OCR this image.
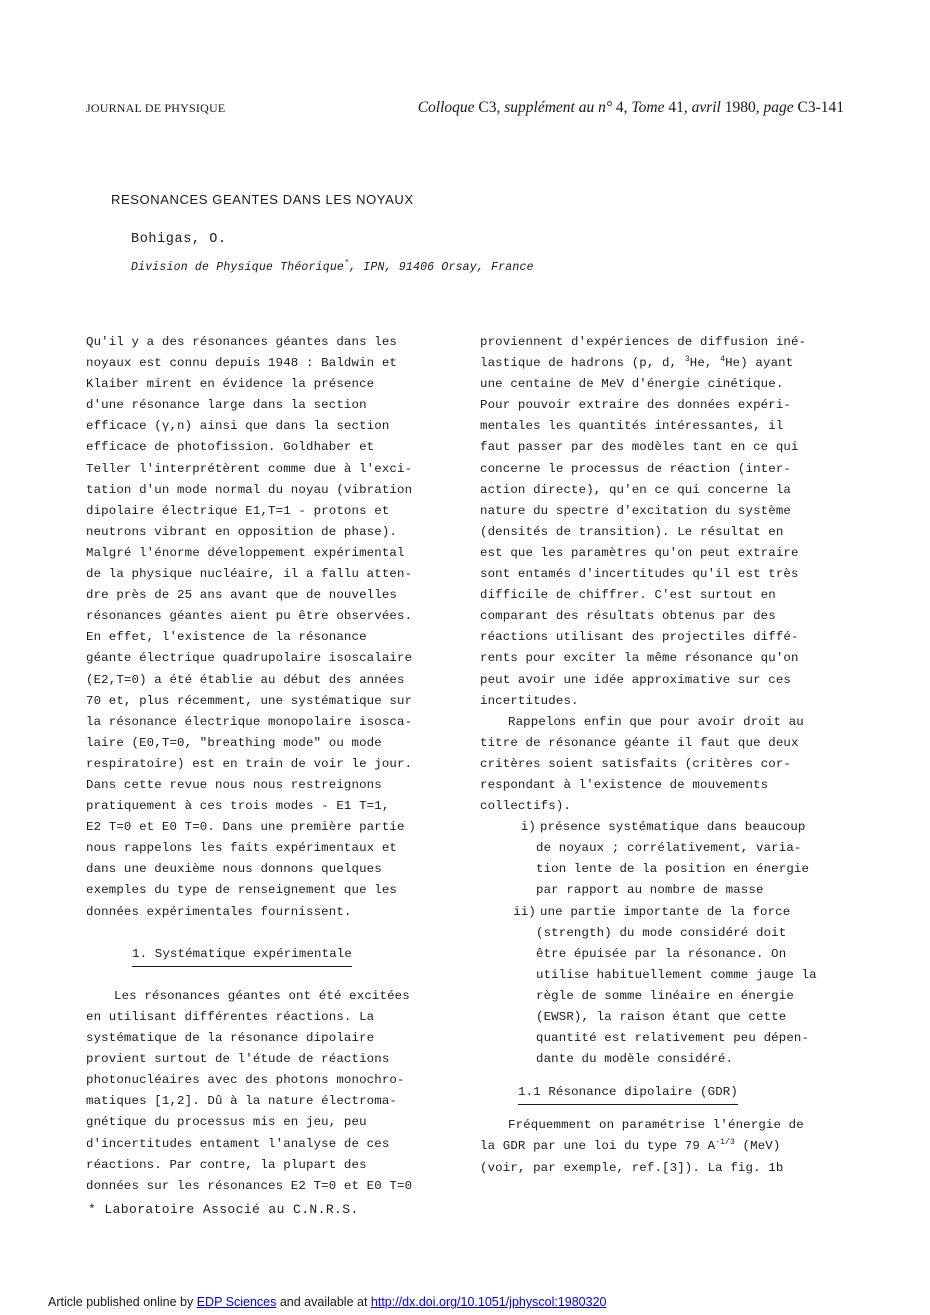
JOURNAL DE PHYSIQUE	Colloque C3, supplément au n° 4, Tome 41, avril 1980, page C3-141
RESONANCES GEANTES DANS LES NOYAUX
Bohigas, O.
Division de Physique Théorique*, IPN, 91406 Orsay, France
Qu'il y a des résonances géantes dans les
noyaux est connu depuis 1948 : Baldwin et
Klaiber mirent en évidence la présence
d'une résonance large dans la section
efficace (γ,n) ainsi que dans la section
efficace de photofission. Goldhaber et
Teller l'interprétèrent comme due à l'exci-
tation d'un mode normal du noyau (vibration
dipolaire électrique E1,T=1 - protons et
neutrons vibrant en opposition de phase).
Malgré l'énorme développement expérimental
de la physique nucléaire, il a fallu atten-
dre près de 25 ans avant que de nouvelles
résonances géantes aient pu être observées.
En effet, l'existence de la résonance
géante électrique quadrupolaire isoscalaire
(E2,T=0) a été établie au début des années
70 et, plus récemment, une systématique sur
la résonance électrique monopolaire isosca-
laire (E0,T=0, "breathing mode" ou mode
respiratoire) est en train de voir le jour.
Dans cette revue nous nous restreignons
pratiquement à ces trois modes - E1 T=1,
E2 T=0 et E0 T=0. Dans une première partie
nous rappelons les faits expérimentaux et
dans une deuxième nous donnons quelques
exemples du type de renseignement que les
données expérimentales fournissent.
1. Systématique expérimentale
Les résonances géantes ont été excitées
en utilisant différentes réactions. La
systématique de la résonance dipolaire
provient surtout de l'étude de réactions
photonucléaires avec des photons monochro-
matiques [1,2]. Dû à la nature électroma-
gnétique du processus mis en jeu, peu
d'incertitudes entament l'analyse de ces
réactions. Par contre, la plupart des
données sur les résonances E2 T=0 et E0 T=0
proviennent d'expériences de diffusion iné-
lastique de hadrons (p, d, $^3$He, $^4$He) ayant
une centaine de MeV d'énergie cinétique.
Pour pouvoir extraire des données expéri-
mentales les quantités intéressantes, il
faut passer par des modèles tant en ce qui
concerne le processus de réaction (inter-
action directe), qu'en ce qui concerne la
nature du spectre d'excitation du système
(densités de transition). Le résultat en
est que les paramètres qu'on peut extraire
sont entamés d'incertitudes qu'il est très
difficile de chiffrer. C'est surtout en
comparant des résultats obtenus par des
réactions utilisant des projectiles diffé-
rents pour exciter la même résonance qu'on
peut avoir une idée approximative sur ces
incertitudes.
Rappelons enfin que pour avoir droit au
titre de résonance géante il faut que deux
critères soient satisfaits (critères cor-
respondant à l'existence de mouvements
collectifs).
i) présence systématique dans beaucoup
de noyaux ; corrélativement, varia-
tion lente de la position en énergie
par rapport au nombre de masse
ii) une partie importante de la force
(strength) du mode considéré doit
être épuisée par la résonance. On
utilise habituellement comme jauge la
règle de somme linéaire en énergie
(EWSR), la raison étant que cette
quantité est relativement peu dépen-
dante du modèle considéré.
1.1 Résonance dipolaire (GDR)
Fréquemment on paramétrise l'énergie de
la GDR par une loi du type 79 $A^{-1/3}$ (MeV)
(voir, par exemple, ref.[3]). La fig. 1b
* Laboratoire Associé au C.N.R.S.
Article published online by EDP Sciences and available at http://dx.doi.org/10.1051/jphyscol:1980320
